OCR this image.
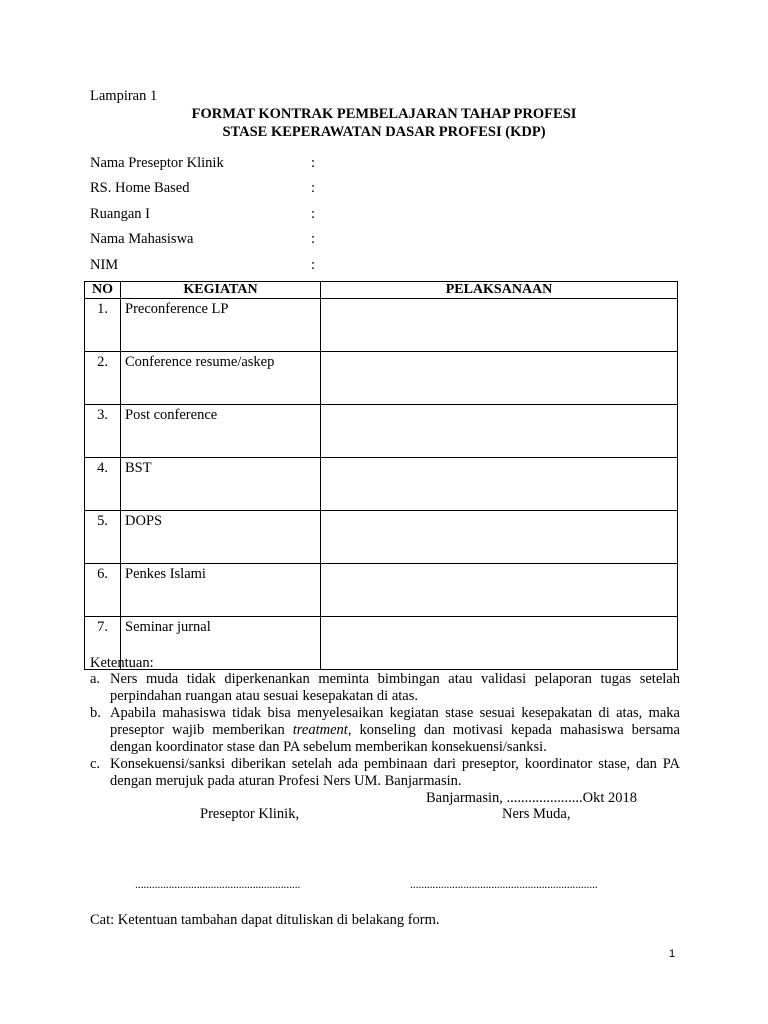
Lampiran 1
FORMAT KONTRAK PEMBELAJARAN TAHAP PROFESI
STASE KEPERAWATAN DASAR PROFESI (KDP)
Nama Preseptor Klinik	:
RS. Home Based	:
Ruangan I	:
Nama Mahasiswa	:
NIM	:
NO	KEGIATAN	PELAKSANAAN
1.	Preconference LP	
2.	Conference resume/askep	
3.	Post conference	
4.	BST	
5.	DOPS	
6.	Penkes Islami	
7.	Seminar jurnal	
Ketentuan:
a. Ners muda tidak diperkenankan meminta bimbingan atau validasi pelaporan tugas setelah perpindahan ruangan atau sesuai kesepakatan di atas.
b. Apabila mahasiswa tidak bisa menyelesaikan kegiatan stase sesuai kesepakatan di atas, maka preseptor wajib memberikan treatment, konseling dan motivasi kepada mahasiswa bersama dengan koordinator stase dan PA sebelum memberikan konsekuensi/sanksi.
c. Konsekuensi/sanksi diberikan setelah ada pembinaan dari preseptor, koordinator stase, dan PA dengan merujuk pada aturan Profesi Ners UM. Banjarmasin.
Banjarmasin, .....................Okt 2018
Preseptor Klinik,	Ners Muda,
...........................................................	...................................................................
Cat: Ketentuan tambahan dapat dituliskan di belakang form.
1
